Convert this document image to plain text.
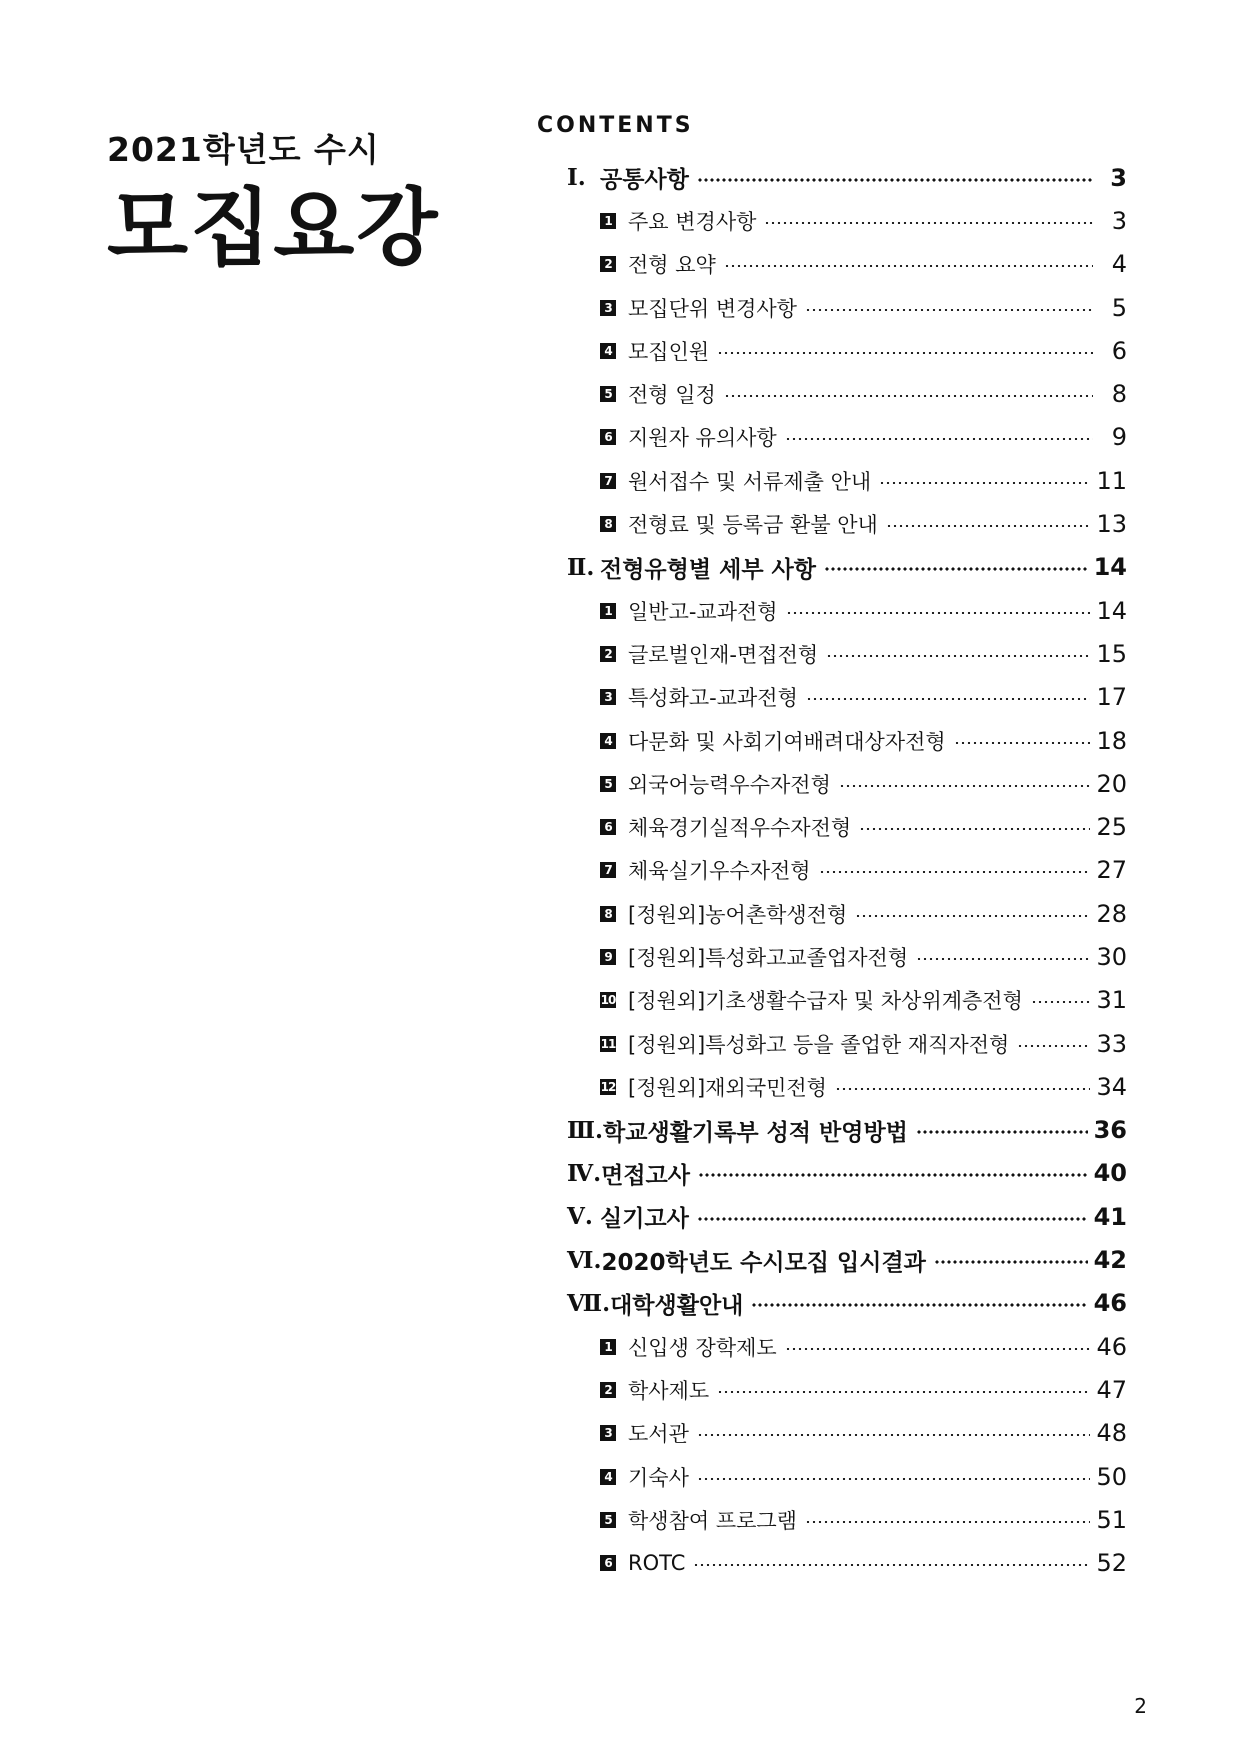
2021학년도 수시

모집요강

CONTENTS
Ⅰ. 공통사항	3
1 주요 변경사항	3
2 전형 요약	4
3 모집단위 변경사항	5
4 모집인원	6
5 전형 일정	8
6 지원자 유의사항	9
7 원서접수 및 서류제출 안내	11
8 전형료 및 등록금 환불 안내	13
Ⅱ. 전형유형별 세부 사항	14
1 일반고-교과전형	14
2 글로벌인재-면접전형	15
3 특성화고-교과전형	17
4 다문화 및 사회기여배려대상자전형	18
5 외국어능력우수자전형	20
6 체육경기실적우수자전형	25
7 체육실기우수자전형	27
8 [정원외]농어촌학생전형	28
9 [정원외]특성화고교졸업자전형	30
10 [정원외]기초생활수급자 및 차상위계층전형	31
11 [정원외]특성화고 등을 졸업한 재직자전형	33
12 [정원외]재외국민전형	34
Ⅲ. 학교생활기록부 성적 반영방법	36
Ⅳ. 면접고사	40
Ⅴ. 실기고사	41
Ⅵ. 2020학년도 수시모집 입시결과	42
Ⅶ. 대학생활안내	46
1 신입생 장학제도	46
2 학사제도	47
3 도서관	48
4 기숙사	50
5 학생참여 프로그램	51
6 ROTC	52
2
